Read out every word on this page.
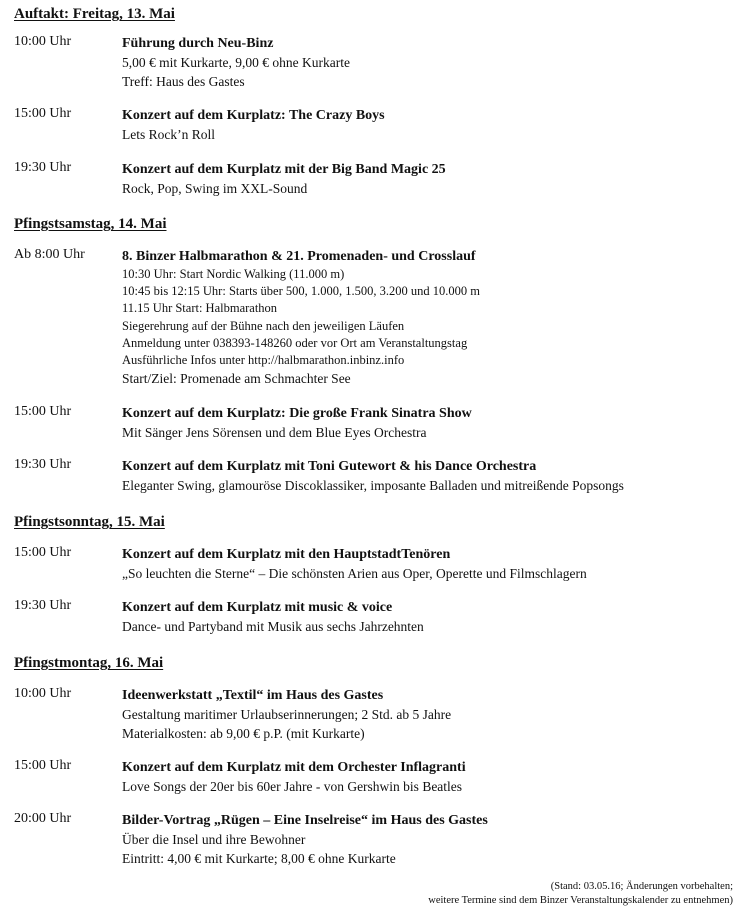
Auftakt: Freitag, 13. Mai
10:00 Uhr	Führung durch Neu-Binz
5,00 € mit Kurkarte, 9,00 € ohne Kurkarte
Treff: Haus des Gastes
15:00 Uhr	Konzert auf dem Kurplatz: The Crazy Boys
Lets Rock’n Roll
19:30 Uhr	Konzert auf dem Kurplatz mit der Big Band Magic 25
Rock, Pop, Swing im XXL-Sound
Pfingstsamstag, 14. Mai
Ab 8:00 Uhr	8. Binzer Halbmarathon & 21. Promenaden- und Crosslauf
10:30 Uhr: Start Nordic Walking (11.000 m)
10:45 bis 12:15 Uhr: Starts über 500, 1.000, 1.500, 3.200 und 10.000 m
11.15 Uhr Start: Halbmarathon
Siegerehrung auf der Bühne nach den jeweiligen Läufen
Anmeldung unter 038393-148260 oder vor Ort am Veranstaltungstag
Ausführliche Infos unter http://halbmarathon.inbinz.info
Start/Ziel: Promenade am Schmachter See
15:00 Uhr	Konzert auf dem Kurplatz: Die große Frank Sinatra Show
Mit Sänger Jens Sörensen und dem Blue Eyes Orchestra
19:30 Uhr	Konzert auf dem Kurplatz mit Toni Gutewort & his Dance Orchestra
Eleganter Swing, glamouröse Discoklassiker, imposante Balladen und mitreißende Popsongs
Pfingstsonntag, 15. Mai
15:00 Uhr	Konzert auf dem Kurplatz mit den HauptstadtTenören
„So leuchten die Sterne“ – Die schönsten Arien aus Oper, Operette und Filmschlagern
19:30 Uhr	Konzert auf dem Kurplatz mit music & voice
Dance- und Partyband mit Musik aus sechs Jahrzehnten
Pfingstmontag, 16. Mai
10:00 Uhr	Ideenwerkstatt „Textil“ im Haus des Gastes
Gestaltung maritimer Urlaubserinnerungen; 2 Std. ab 5 Jahre
Materialkosten: ab 9,00 € p.P. (mit Kurkarte)
15:00 Uhr	Konzert auf dem Kurplatz mit dem Orchester Inflagranti
Love Songs der 20er bis 60er Jahre - von Gershwin bis Beatles
20:00 Uhr	Bilder-Vortrag „Rügen – Eine Inselreise“ im Haus des Gastes
Über die Insel und ihre Bewohner
Eintritt: 4,00 € mit Kurkarte; 8,00 € ohne Kurkarte
(Stand: 03.05.16; Änderungen vorbehalten;
weitere Termine sind dem Binzer Veranstaltungskalender zu entnehmen)
